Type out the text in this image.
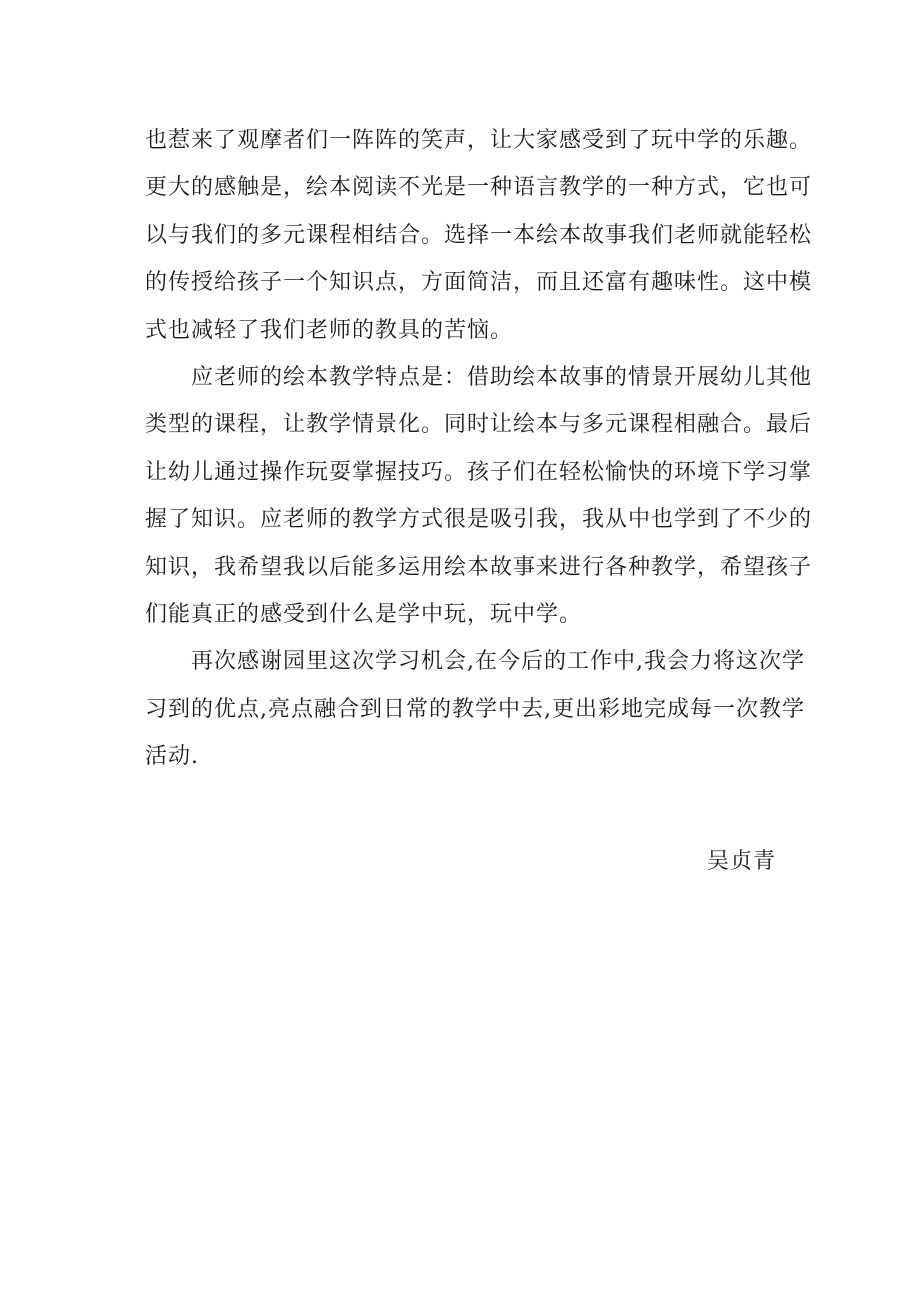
也惹来了观摩者们一阵阵的笑声，让大家感受到了玩中学的乐趣。
更大的感触是，绘本阅读不光是一种语言教学的一种方式，它也可
以与我们的多元课程相结合。选择一本绘本故事我们老师就能轻松
的传授给孩子一个知识点，方面简洁，而且还富有趣味性。这中模
式也减轻了我们老师的教具的苦恼。
　　应老师的绘本教学特点是：借助绘本故事的情景开展幼儿其他
类型的课程，让教学情景化。同时让绘本与多元课程相融合。最后
让幼儿通过操作玩耍掌握技巧。孩子们在轻松愉快的环境下学习掌
握了知识。应老师的教学方式很是吸引我，我从中也学到了不少的
知识，我希望我以后能多运用绘本故事来进行各种教学，希望孩子
们能真正的感受到什么是学中玩，玩中学。
　　再次感谢园里这次学习机会,在今后的工作中,我会力将这次学
习到的优点,亮点融合到日常的教学中去,更出彩地完成每一次教学
活动.
吴贞青
